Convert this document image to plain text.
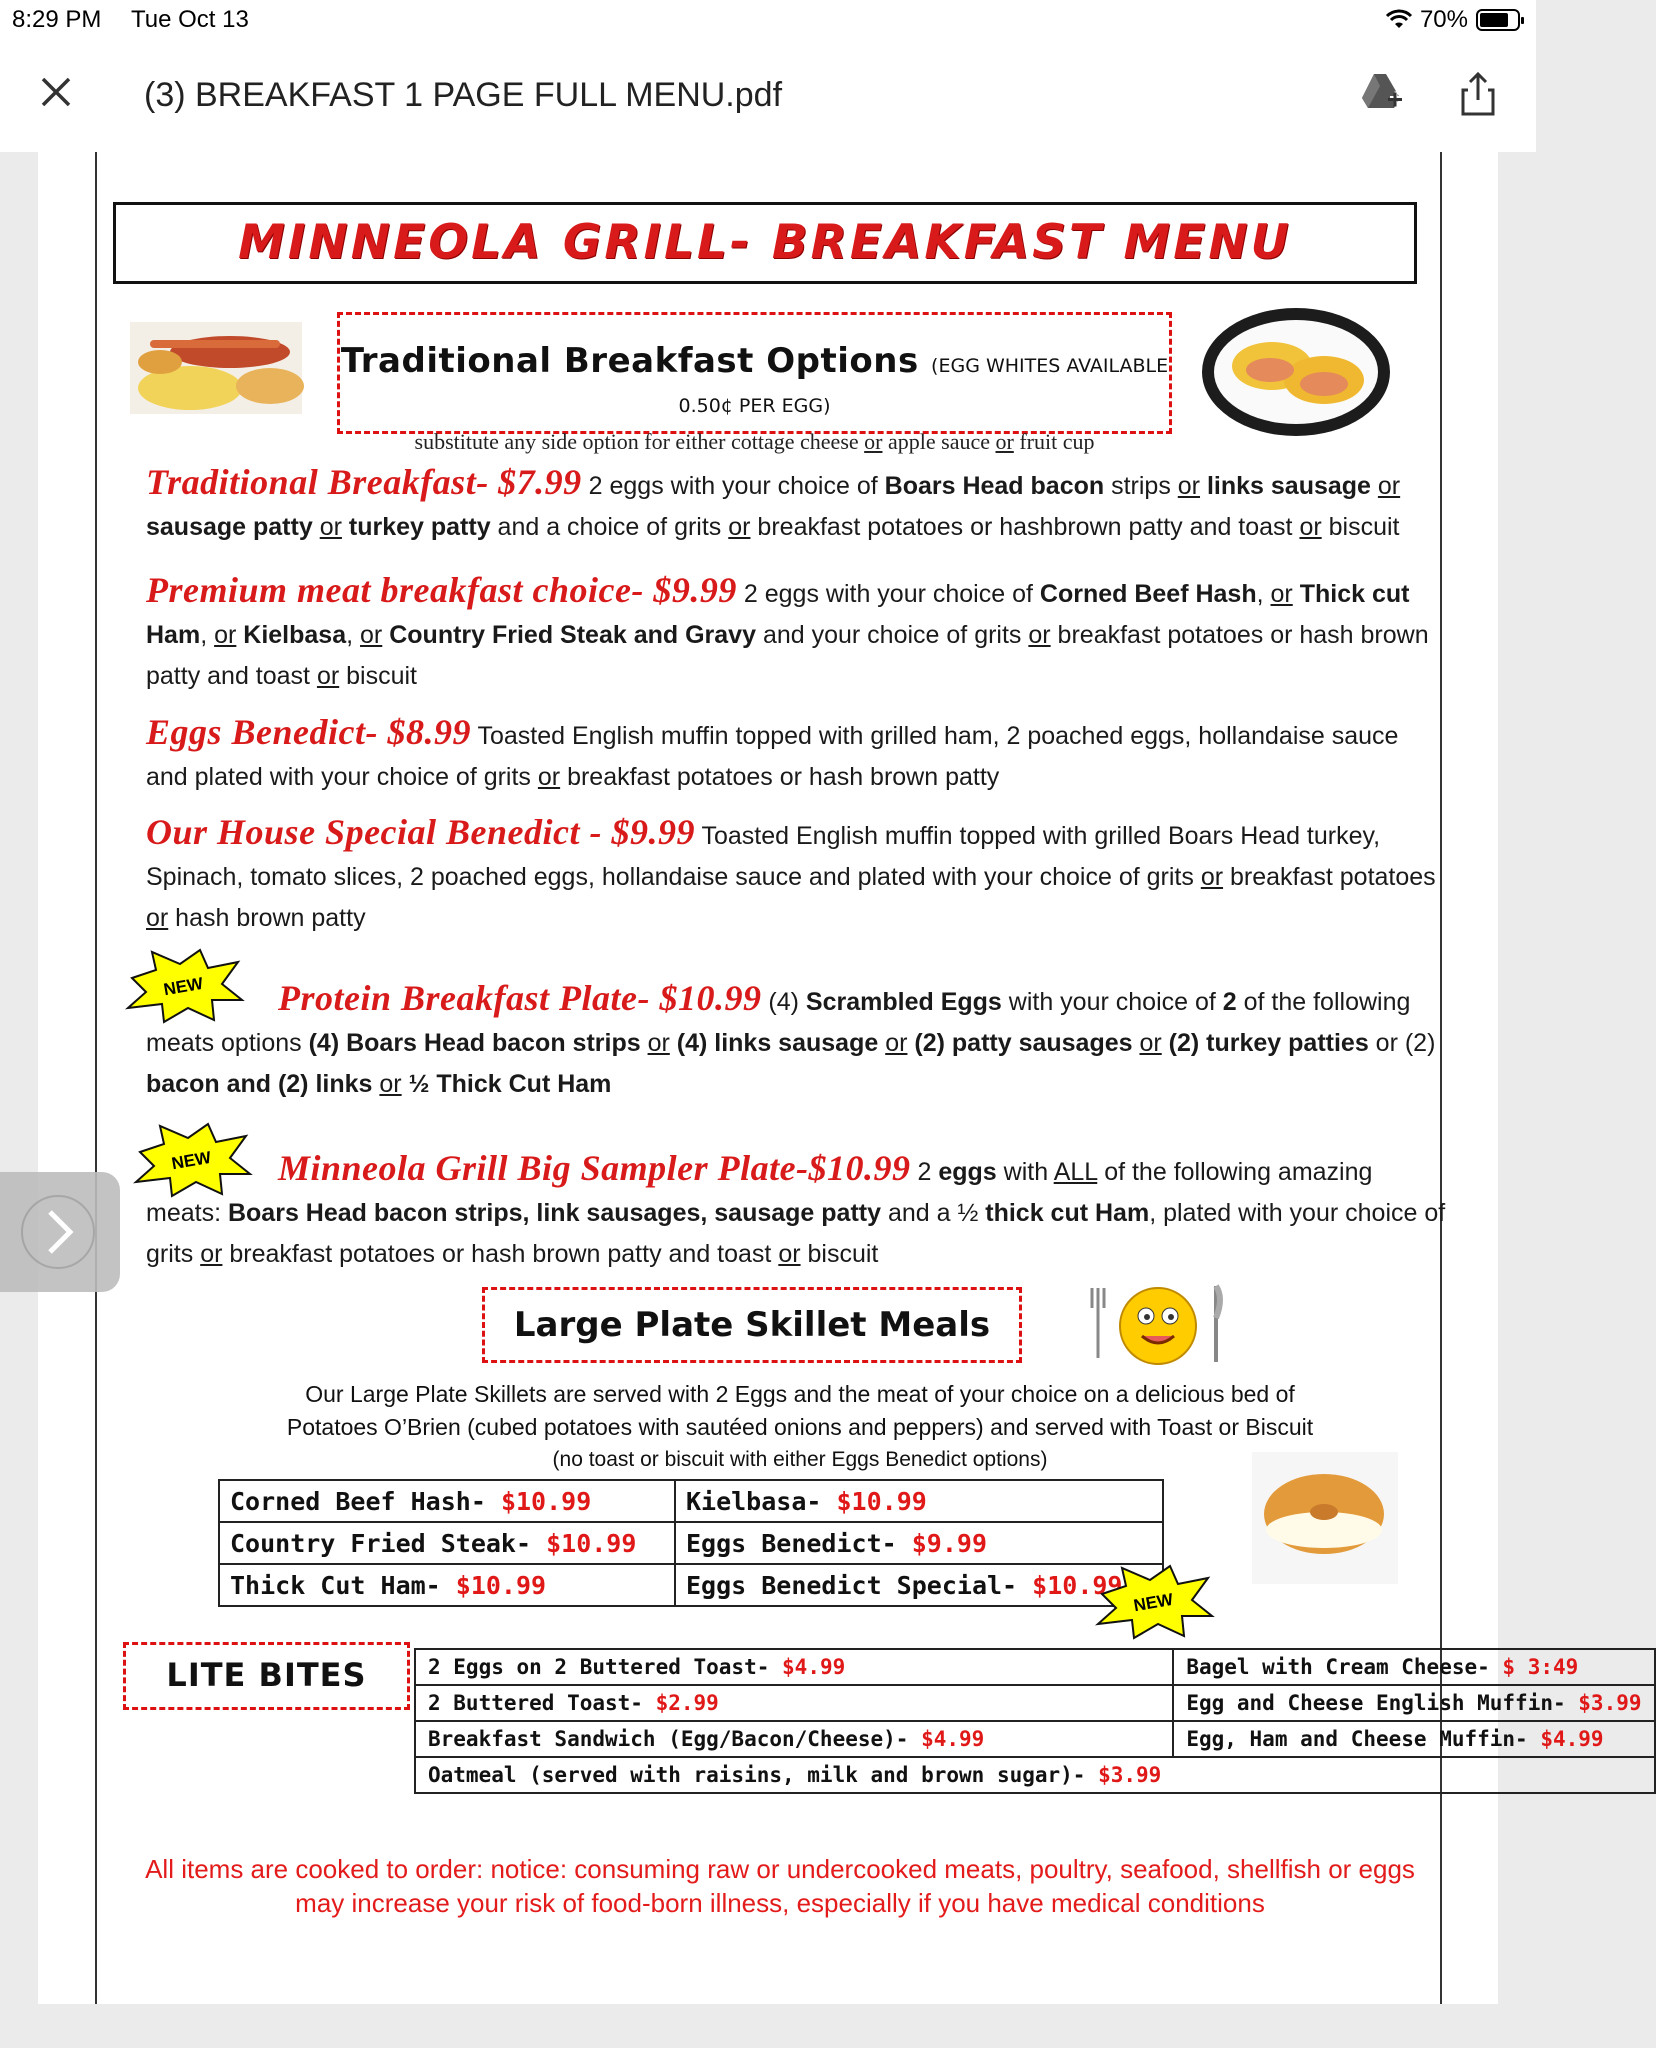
8:29 PM Tue Oct 13	70%
(3) BREAKFAST 1 PAGE FULL MENU.pdf
MINNEOLA GRILL- BREAKFAST MENU
Traditional Breakfast Options (EGG WHITES AVAILABLE 0.50¢ PER EGG)
substitute any side option for either cottage cheese or apple sauce or fruit cup
Traditional Breakfast- $7.99 2 eggs with your choice of Boars Head bacon strips or links sausage or sausage patty or turkey patty and a choice of grits or breakfast potatoes or hashbrown patty and toast or biscuit
Premium meat breakfast choice- $9.99 2 eggs with your choice of Corned Beef Hash, or Thick cut Ham, or Kielbasa, or Country Fried Steak and Gravy and your choice of grits or breakfast potatoes or hash brown patty and toast or biscuit
Eggs Benedict- $8.99 Toasted English muffin topped with grilled ham, 2 poached eggs, hollandaise sauce and plated with your choice of grits or breakfast potatoes or hash brown patty
Our House Special Benedict - $9.99 Toasted English muffin topped with grilled Boars Head turkey, Spinach, tomato slices, 2 poached eggs, hollandaise sauce and plated with your choice of grits or breakfast potatoes or hash brown patty
NEW	Protein Breakfast Plate- $10.99 (4) Scrambled Eggs with your choice of 2 of the following meats options (4) Boars Head bacon strips or (4) links sausage or (2) patty sausages or (2) turkey patties or (2) bacon and (2) links or ½ Thick Cut Ham
NEW	Minneola Grill Big Sampler Plate-$10.99 2 eggs with ALL of the following amazing meats: Boars Head bacon strips, link sausages, sausage patty and a ½ thick cut Ham, plated with your choice of grits or breakfast potatoes or hash brown patty and toast or biscuit
Large Plate Skillet Meals
Our Large Plate Skillets are served with 2 Eggs and the meat of your choice on a delicious bed of
Potatoes O’Brien (cubed potatoes with sautéed onions and peppers) and served with Toast or Biscuit
(no toast or biscuit with either Eggs Benedict options)
Corned Beef Hash- $10.99	Kielbasa- $10.99
Country Fried Steak- $10.99	Eggs Benedict- $9.99
Thick Cut Ham- $10.99	Eggs Benedict Special- $10.99
NEW
LITE BITES	2 Eggs on 2 Buttered Toast- $4.99	Bagel with Cream Cheese- $ 3:49
2 Buttered Toast- $2.99	Egg and Cheese English Muffin- $3.99
Breakfast Sandwich (Egg/Bacon/Cheese)- $4.99	Egg, Ham and Cheese Muffin- $4.99
Oatmeal (served with raisins, milk and brown sugar)- $3.99	
All items are cooked to order: notice: consuming raw or undercooked meats, poultry, seafood, shellfish or eggs
may increase your risk of food-born illness, especially if you have medical conditions
